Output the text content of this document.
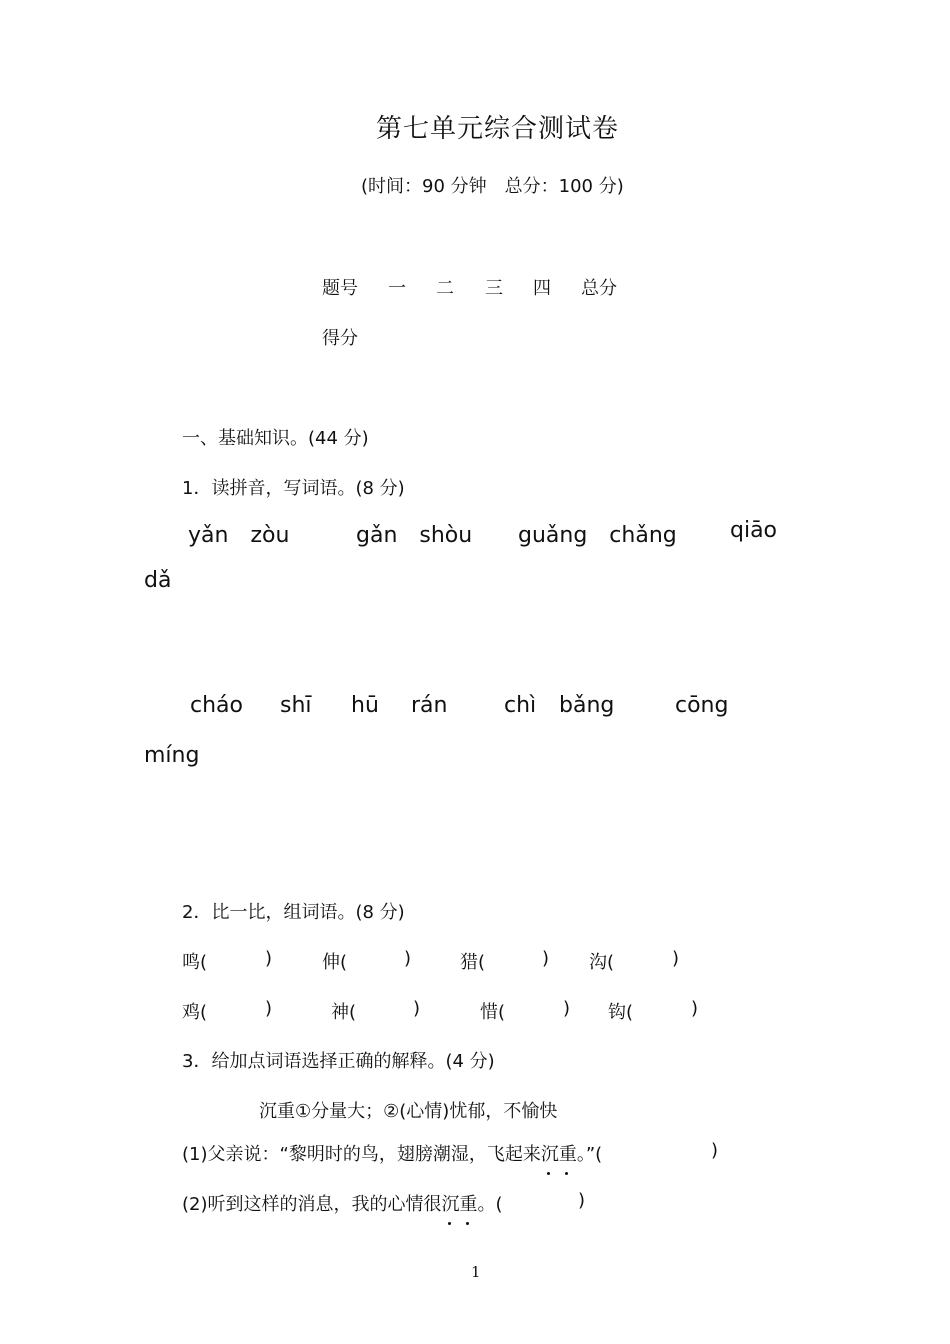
第七单元综合测试卷
(时间：90 分钟　总分：100 分)
题号 一 二 三 四 总分
得分
一、基础知识。(44 分)
1．读拼音，写词语。(8 分)
yǎn　zòu	gǎn　shòu guǎng　chǎng qiāo
dǎ
cháo shī hū rán	chì bǎng	cōng
míng
2．比一比，组词语。(8 分)
鸣(	)	伸(	)	猎(	) 沟(	)
鸡(	)	神(	)	惜(	) 钩(	)
3．给加点词语选择正确的解释。(4 分)
沉重①分量大；②(心情)忧郁，不愉快
(1)父亲说：“黎明时的鸟，翅膀潮湿，飞起来沉重
。”(	)
(2)听到这样的消息，我的心情很沉重
。(	)
1
